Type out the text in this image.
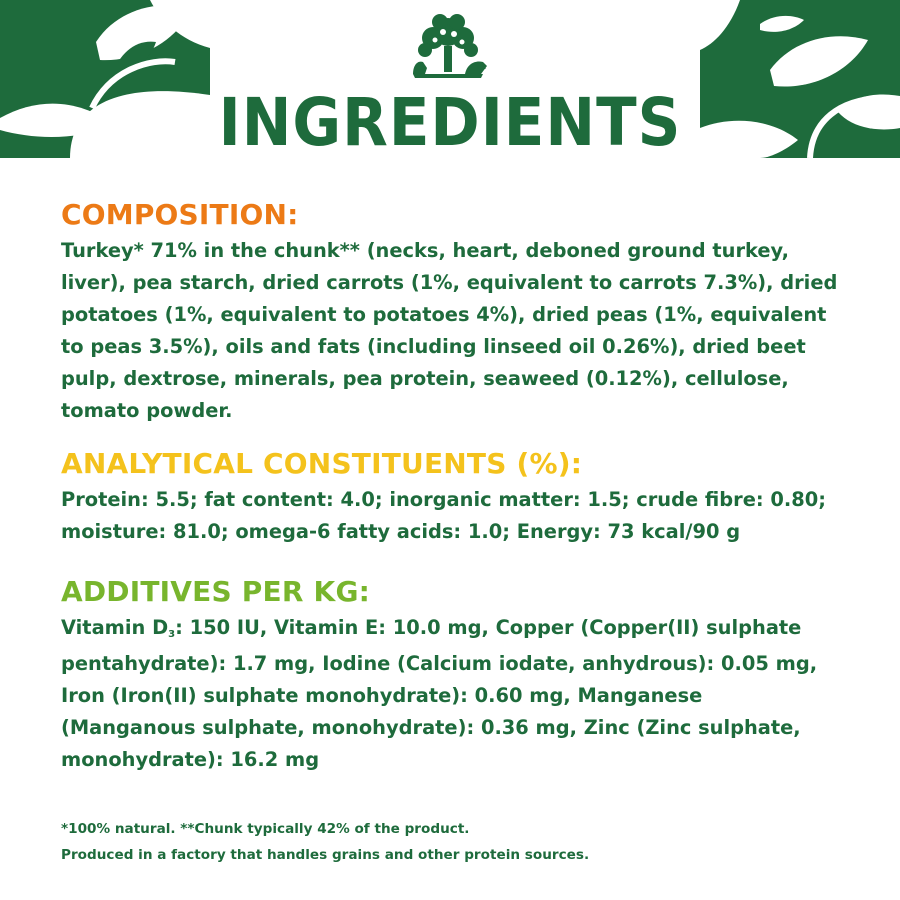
TM
INGREDIENTS
COMPOSITION:
Turkey* 71% in the chunk** (necks, heart, deboned ground turkey,
liver), pea starch, dried carrots (1%, equivalent to carrots 7.3%), dried
potatoes (1%, equivalent to potatoes 4%), dried peas (1%, equivalent
to peas 3.5%), oils and fats (including linseed oil 0.26%), dried beet
pulp, dextrose, minerals, pea protein, seaweed (0.12%), cellulose,
tomato powder.
ANALYTICAL CONSTITUENTS (%):
Protein: 5.5; fat content: 4.0; inorganic matter: 1.5; crude fibre: 0.80;
moisture: 81.0; omega-6 fatty acids: 1.0; Energy: 73 kcal/90 g
ADDITIVES PER KG:
Vitamin $D_3$: 150 IU, Vitamin E: 10.0 mg, Copper (Copper(II) sulphate
pentahydrate): 1.7 mg, Iodine (Calcium iodate, anhydrous): 0.05 mg,
Iron (Iron(II) sulphate monohydrate): 0.60 mg, Manganese
(Manganous sulphate, monohydrate): 0.36 mg, Zinc (Zinc sulphate,
monohydrate): 16.2 mg
*100% natural. **Chunk typically 42% of the product.
Produced in a factory that handles grains and other protein sources.
